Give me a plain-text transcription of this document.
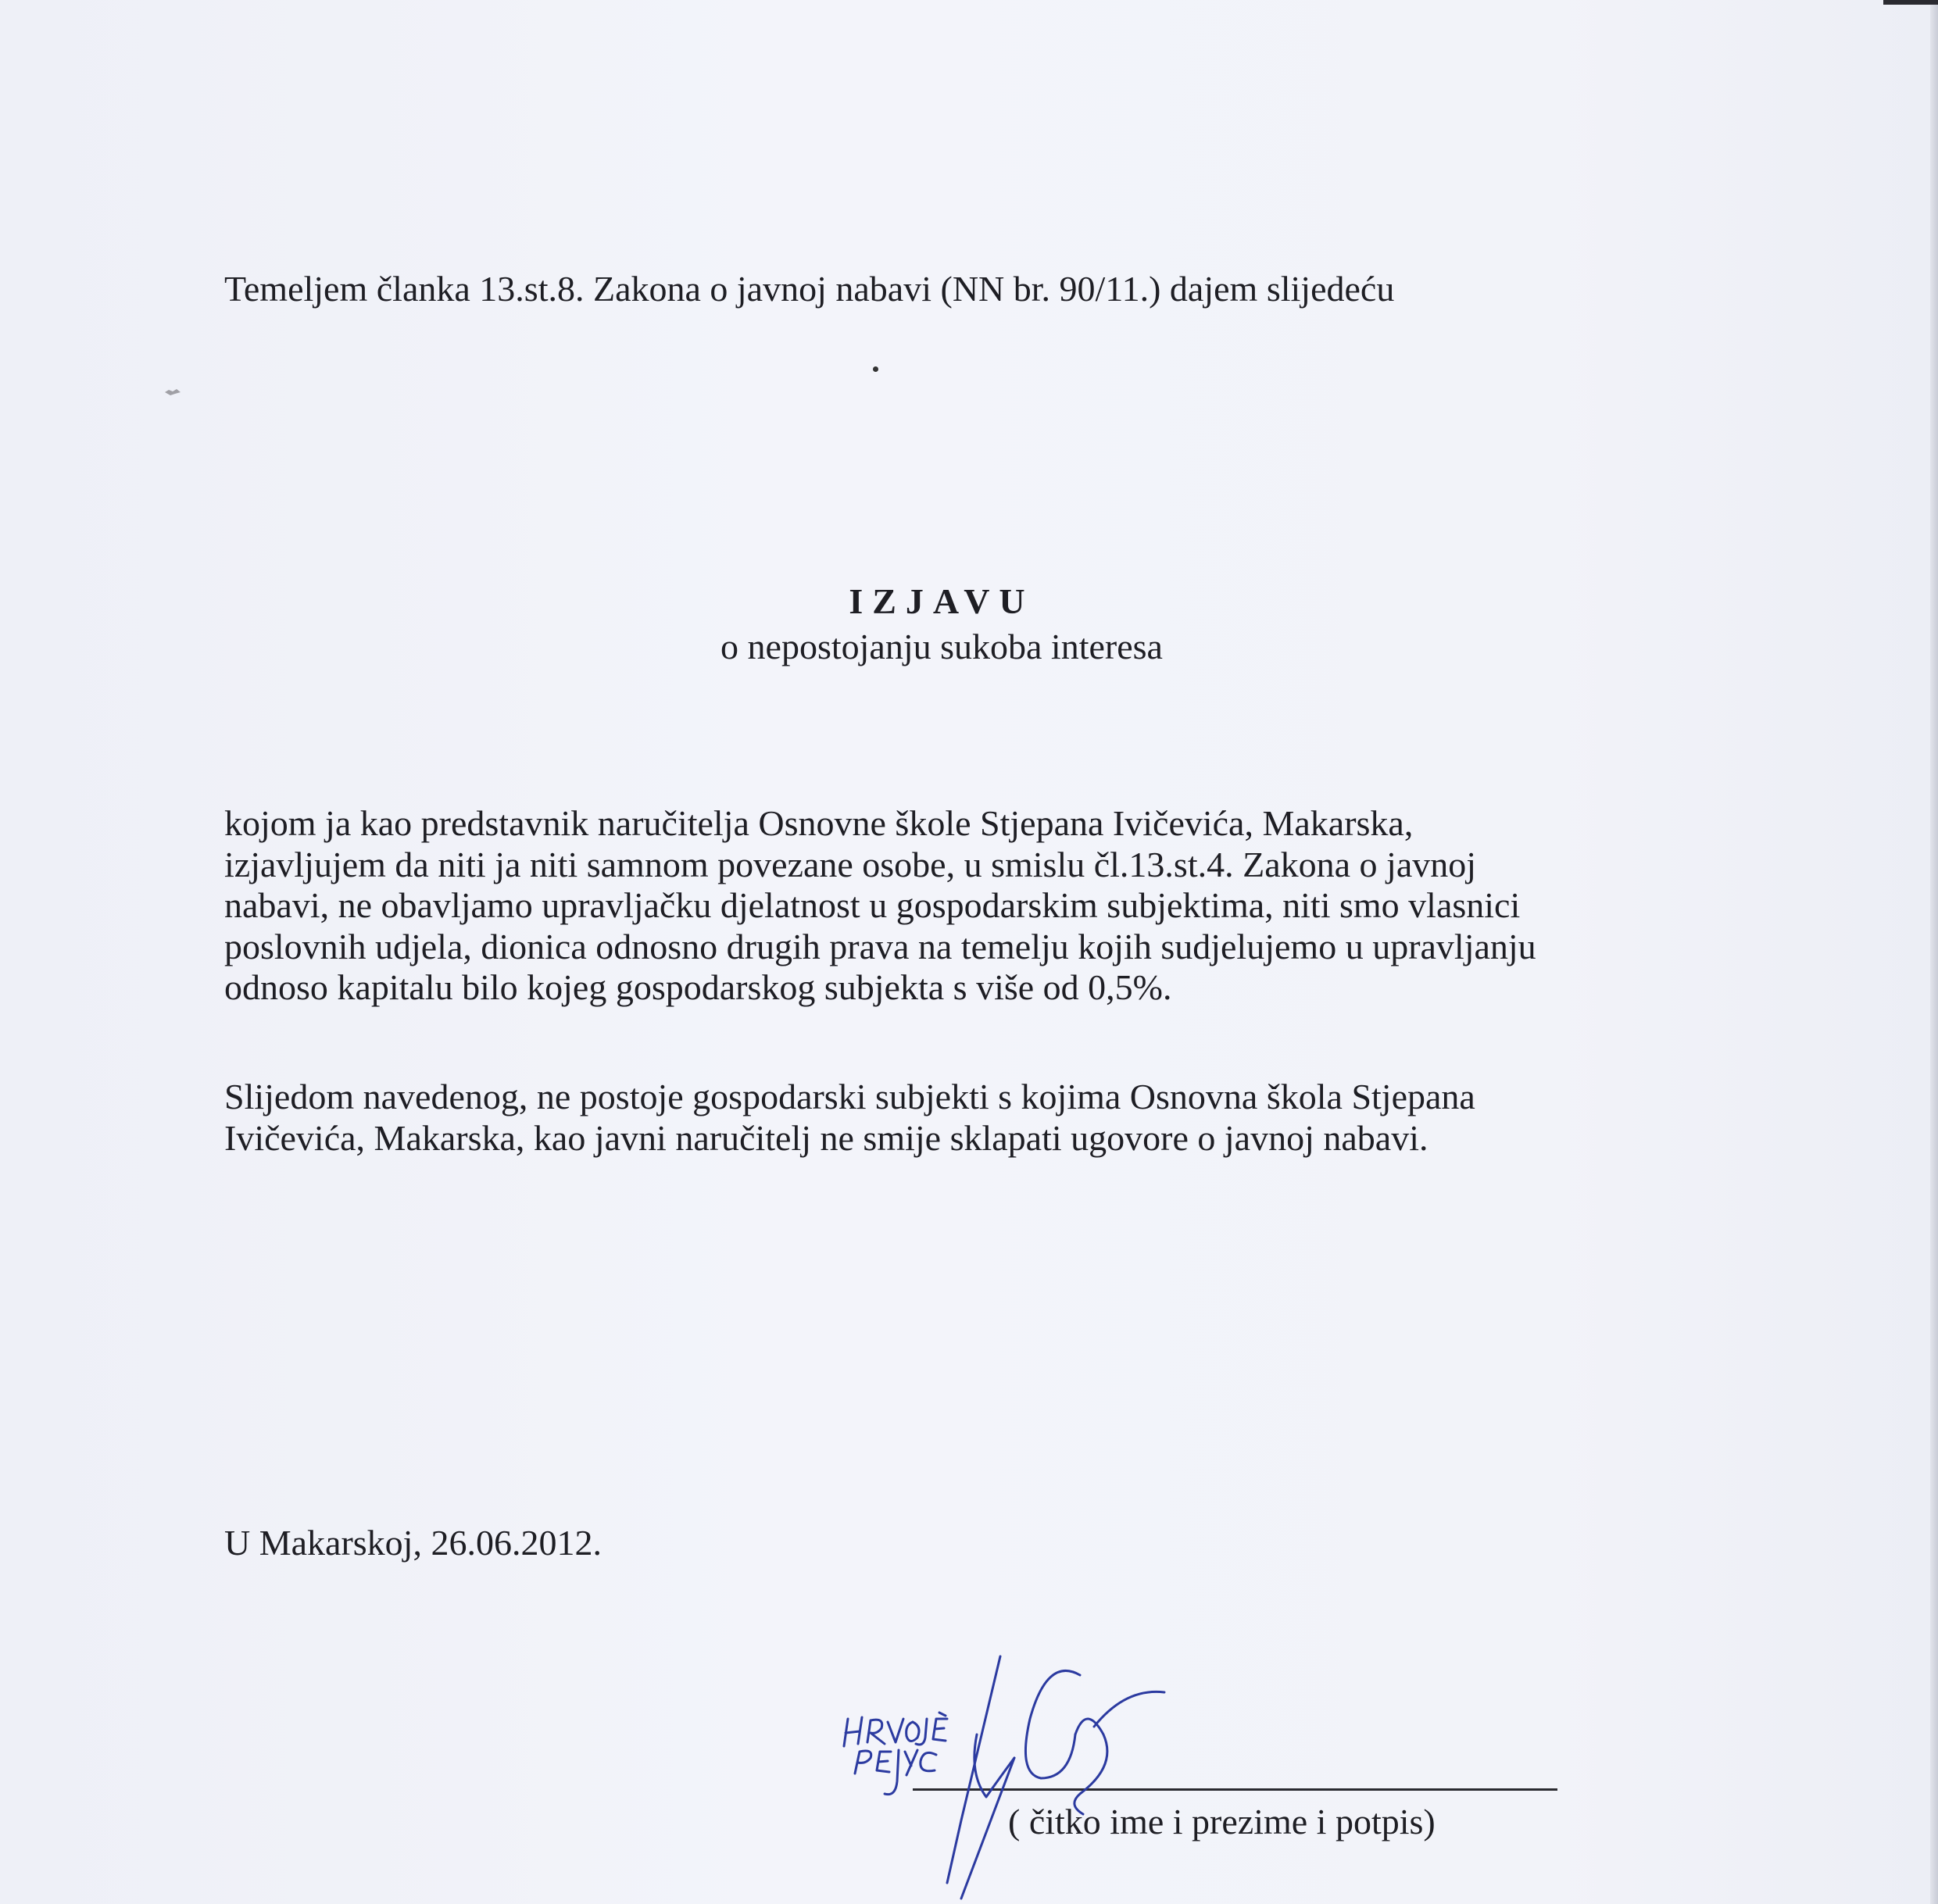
Temeljem članka 13.st.8. Zakona o javnoj nabavi (NN br. 90/11.) dajem slijedeću
IZJAVU
o nepostojanju sukoba interesa
kojom ja kao predstavnik naručitelja Osnovne škole Stjepana Ivičevića, Makarska,
izjavljujem da niti ja niti samnom povezane osobe, u smislu čl.13.st.4. Zakona o javnoj
nabavi, ne obavljamo upravljačku djelatnost u gospodarskim subjektima, niti smo vlasnici
poslovnih udjela, dionica odnosno drugih prava na temelju kojih sudjelujemo u upravljanju
odnoso kapitalu bilo kojeg gospodarskog subjekta s više od 0,5%.
Slijedom navedenog, ne postoje gospodarski subjekti s kojima Osnovna škola Stjepana
Ivičevića, Makarska, kao javni naručitelj ne smije sklapati ugovore o javnoj nabavi.
U Makarskoj, 26.06.2012.
( čitko ime i prezime i potpis)
